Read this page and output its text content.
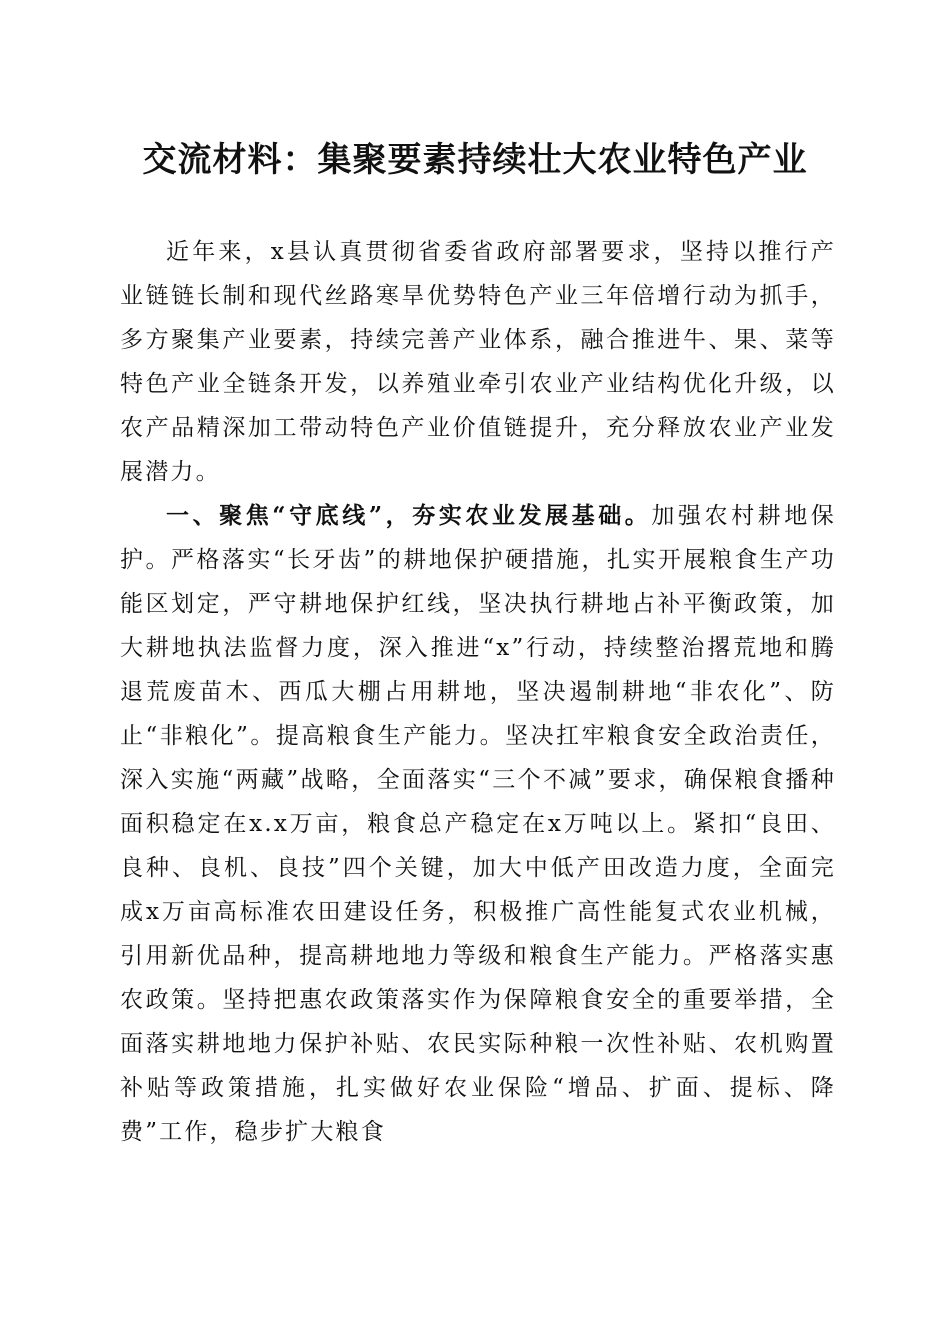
交流材料：集聚要素持续壮大农业特色产业

近年来，x县认真贯彻省委省政府部署要求，坚持以推行产业链链长制和现代丝路寒旱优势特色产业三年倍增行动为抓手，多方聚集产业要素，持续完善产业体系，融合推进牛、果、菜等特色产业全链条开发，以养殖业牵引农业产业结构优化升级，以农产品精深加工带动特色产业价值链提升，充分释放农业产业发展潜力。

一、聚焦“守底线”，夯实农业发展基础。加强农村耕地保护。严格落实“长牙齿”的耕地保护硬措施，扎实开展粮食生产功能区划定，严守耕地保护红线，坚决执行耕地占补平衡政策，加大耕地执法监督力度，深入推进“x”行动，持续整治撂荒地和腾退荒废苗木、西瓜大棚占用耕地，坚决遏制耕地“非农化”、防止“非粮化”。提高粮食生产能力。坚决扛牢粮食安全政治责任，深入实施“两藏”战略，全面落实“三个不减”要求，确保粮食播种面积稳定在x.x万亩，粮食总产稳定在x万吨以上。紧扣“良田、良种、良机、良技”四个关键，加大中低产田改造力度，全面完成x万亩高标准农田建设任务，积极推广高性能复式农业机械，引用新优品种，提高耕地地力等级和粮食生产能力。严格落实惠农政策。坚持把惠农政策落实作为保障粮食安全的重要举措，全面落实耕地地力保护补贴、农民实际种粮一次性补贴、农机购置补贴等政策措施，扎实做好农业保险“增品、扩面、提标、降费”工作，稳步扩大粮食
